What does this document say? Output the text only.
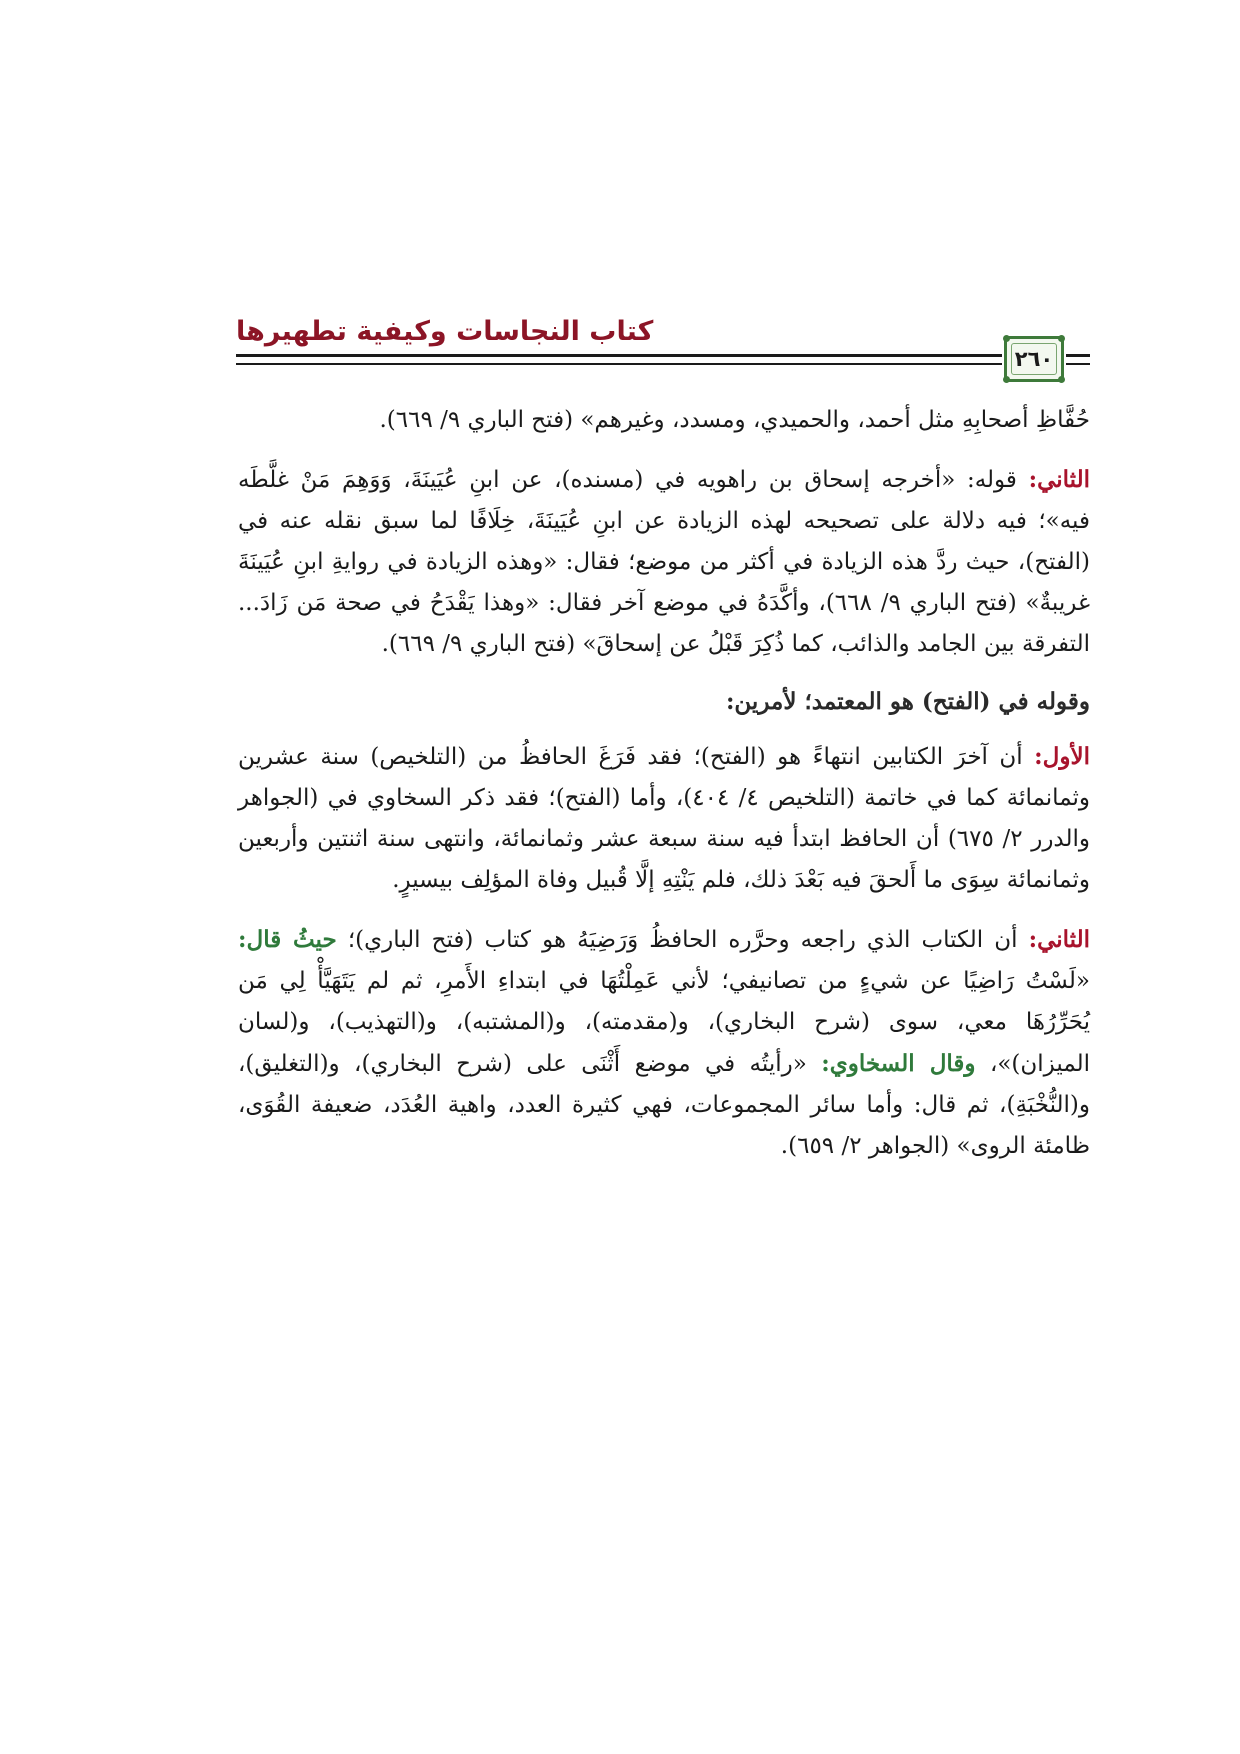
كتاب النجاسات وكيفية تطهيرها
٢٦٠

حُفَّاظِ أصحابِهِ مثل أحمد، والحميدي، ومسدد، وغيرهم» (فتح الباري ٩/ ٦٦٩).

الثاني: قوله: «أخرجه إسحاق بن راهويه في (مسنده)، عن ابنِ عُيَينَةَ، وَوَهِمَ مَنْ غلَّطَه فيه»؛ فيه دلالة على تصحيحه لهذه الزيادة عن ابنِ عُيَينَةَ، خِلَافًا لما سبق نقله عنه في (الفتح)، حيث ردَّ هذه الزيادة في أكثر من موضع؛ فقال: «وهذه الزيادة في روايةِ ابنِ عُيَينَةَ غريبةٌ» (فتح الباري ٩/ ٦٦٨)، وأكَّدَهُ في موضع آخر فقال: «وهذا يَقْدَحُ في صحة مَن زَادَ... التفرقة بين الجامد والذائب، كما ذُكِرَ قَبْلُ عن إسحاقَ» (فتح الباري ٩/ ٦٦٩).

وقوله في (الفتح) هو المعتمد؛ لأمرين:

الأول: أن آخرَ الكتابين انتهاءً هو (الفتح)؛ فقد فَرَغَ الحافظُ من (التلخيص) سنة عشرين وثمانمائة كما في خاتمة (التلخيص ٤/ ٤٠٤)، وأما (الفتح)؛ فقد ذكر السخاوي في (الجواهر والدرر ٢/ ٦٧٥) أن الحافظ ابتدأ فيه سنة سبعة عشر وثمانمائة، وانتهى سنة اثنتين وأربعين وثمانمائة سِوَى ما أَلحقَ فيه بَعْدَ ذلك، فلم يَنْتِهِ إلَّا قُبيل وفاة المؤلِف بيسيرٍ.

الثاني: أن الكتاب الذي راجعه وحرَّره الحافظُ وَرَضِيَهُ هو كتاب (فتح الباري)؛ حيثُ قال: «لَسْتُ رَاضِيًا عن شيءٍ من تصانيفي؛ لأني عَمِلْتُهَا في ابتداءِ الأَمرِ، ثم لم يَتَهَيَّأْ لِي مَن يُحَرِّرُهَا معي، سوى (شرح البخاري)، و(مقدمته)، و(المشتبه)، و(التهذيب)، و(لسان الميزان)»، وقال السخاوي: «رأيتُه في موضع أَثْنَى على (شرح البخاري)، و(التغليق)، و(النُّخْبَةِ)، ثم قال: وأما سائر المجموعات، فهي كثيرة العدد، واهية العُدَد، ضعيفة القُوَى، ظامئة الروى» (الجواهر ٢/ ٦٥٩).
